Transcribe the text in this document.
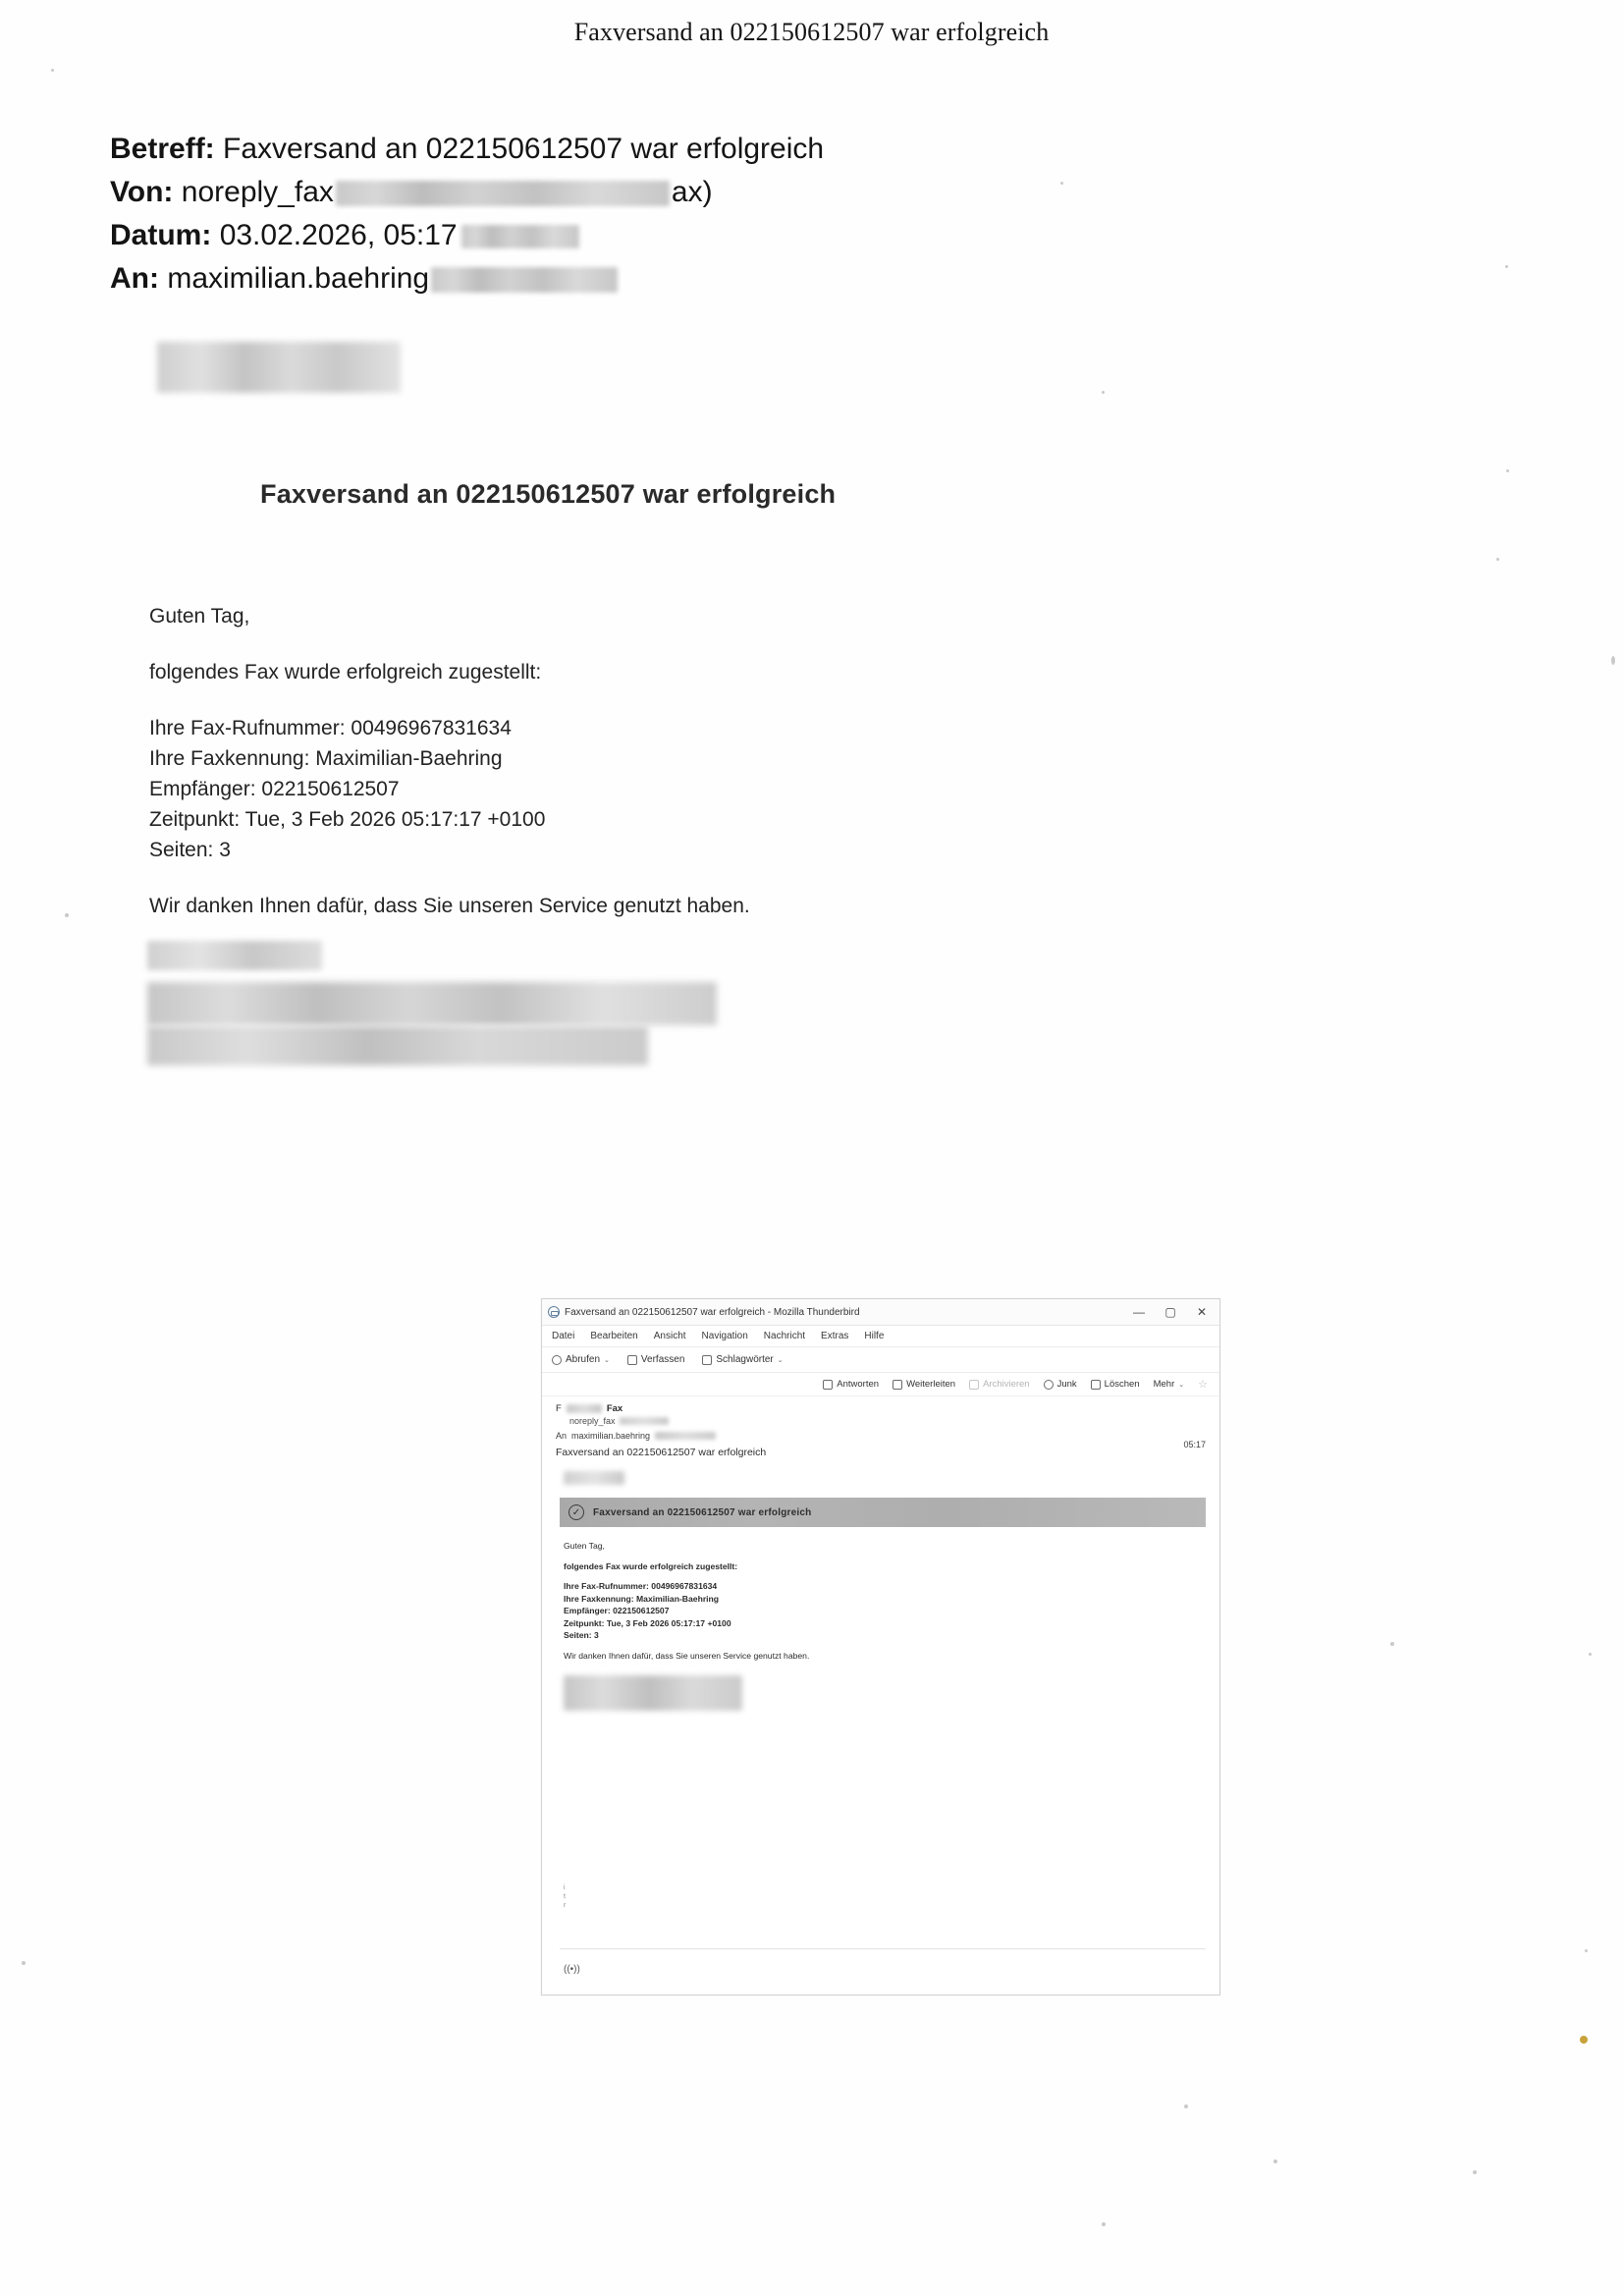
Faxversand an 022150612507 war erfolgreich
Betreff: Faxversand an 022150612507 war erfolgreich
Von: noreply_fax	ax)
Datum: 03.02.2026, 05:17
An: maximilian.baehring
Faxversand an 022150612507 war erfolgreich
Guten Tag,
folgendes Fax wurde erfolgreich zugestellt:
Ihre Fax-Rufnummer: 00496967831634
Ihre Faxkennung: Maximilian-Baehring
Empfänger: 022150612507
Zeitpunkt: Tue, 3 Feb 2026 05:17:17 +0100
Seiten: 3
Wir danken Ihnen dafür, dass Sie unseren Service genutzt haben.
Faxversand an 022150612507 war erfolgreich - Mozilla Thunderbird	— ▢ ✕
Datei Bearbeiten Ansicht Navigation Nachricht Extras Hilfe
Abrufen ⌄	Verfassen	Schlagwörter ⌄
Antworten	Weiterleiten	Archivieren	Junk	Löschen Mehr ⌄ ☆
F	Fax
noreply_fax
An maximilian.baehring
05:17
Faxversand an 022150612507 war erfolgreich
✓	Faxversand an 022150612507 war erfolgreich
Guten Tag,
folgendes Fax wurde erfolgreich zugestellt:
Ihre Fax-Rufnummer: 00496967831634
Ihre Faxkennung: Maximilian-Baehring
Empfänger: 022150612507
Zeitpunkt: Tue, 3 Feb 2026 05:17:17 +0100
Seiten: 3
Wir danken Ihnen dafür, dass Sie unseren Service genutzt haben.
i
t
r
((•))
